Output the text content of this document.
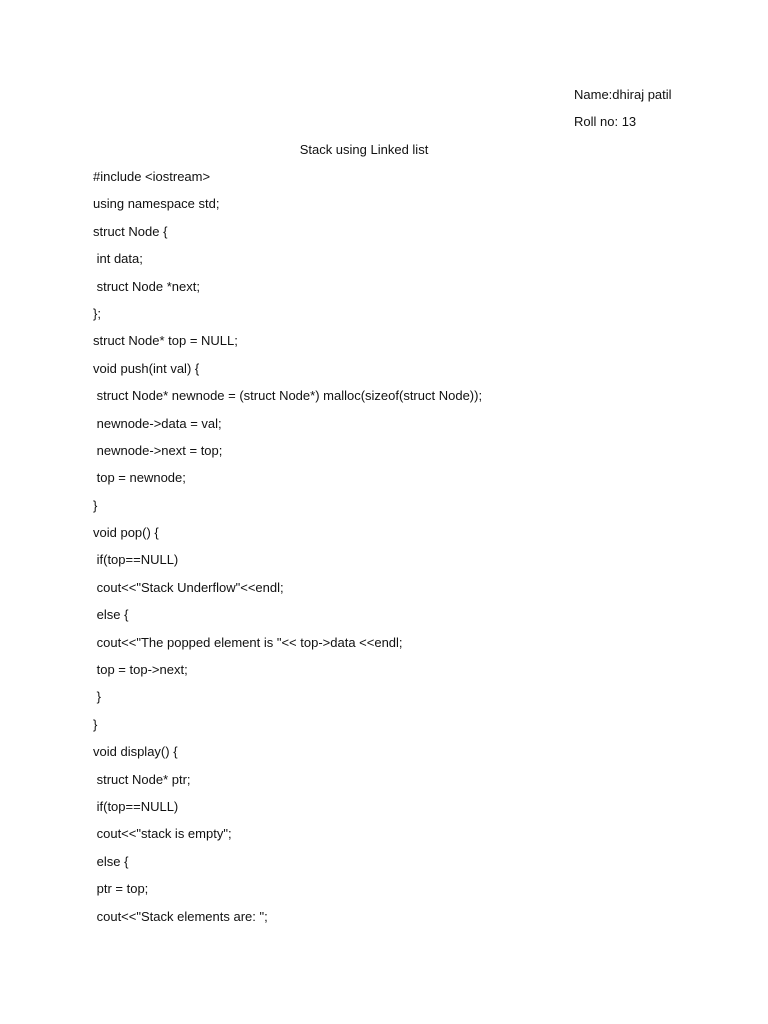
Name:dhiraj patil
Roll no: 13
Stack using Linked list
#include <iostream>
using namespace std;
struct Node {
int data;
struct Node *next;
};
struct Node* top = NULL;
void push(int val) {
struct Node* newnode = (struct Node*) malloc(sizeof(struct Node));
newnode->data = val;
newnode->next = top;
top = newnode;
}
void pop() {
if(top==NULL)
cout<<"Stack Underflow"<<endl;
else {
cout<<"The popped element is "<< top->data <<endl;
top = top->next;
}
}
void display() {
struct Node* ptr;
if(top==NULL)
cout<<"stack is empty";
else {
ptr = top;
cout<<"Stack elements are: ";
